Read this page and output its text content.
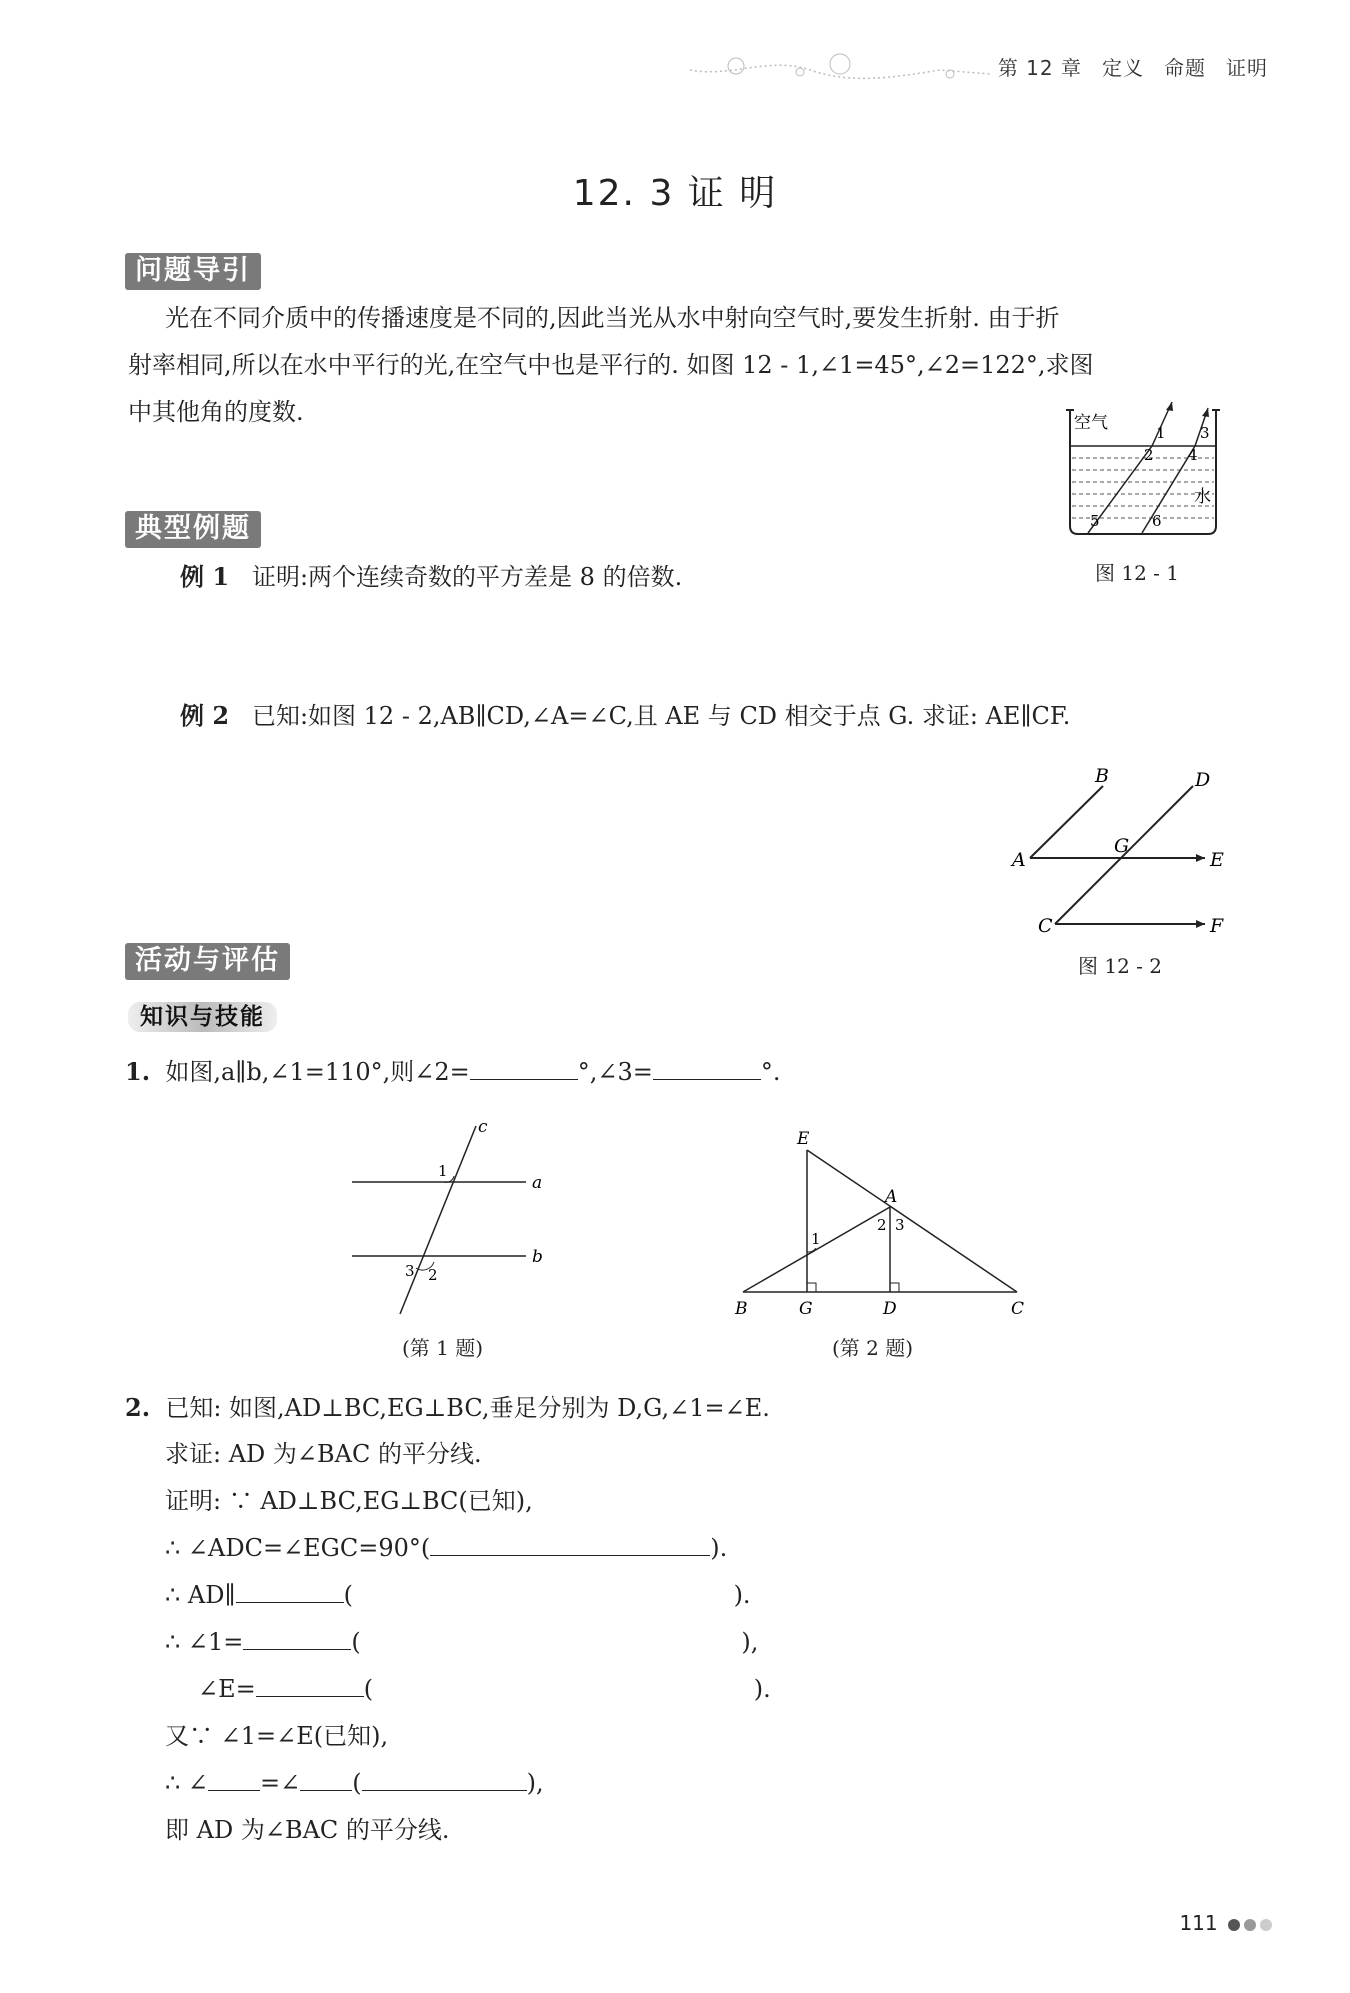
第 12 章 定义 命题 证明
12. 3 证 明
问题导引
光在不同介质中的传播速度是不同的,因此当光从水中射向空气时,要发生折射. 由于折
射率相同,所以在水中平行的光,在空气中也是平行的. 如图 12 - 1,∠1=45°,∠2=122°,求图
中其他角的度数.	空气
水
1
2
3
4
5	6
图 12 - 1
典型例题
例 1 证明:两个连续奇数的平方差是 8 的倍数.
例 2 已知:如图 12 - 2,AB∥CD,∠A=∠C,且 AE 与 CD 相交于点 G. 求证: AE∥CF.
B	D
A
G
E
C	F
图 12 - 2
活动与评估
知识与技能
1. 如图,a∥b,∠1=110°,则∠2=	°,∠3=	°.
c
a
b
1
2
3
(第 1 题)
E
A
B	G	D	C
1
2 3
(第 2 题)
2. 已知: 如图,AD⊥BC,EG⊥BC,垂足分别为 D,G,∠1=∠E.
求证: AD 为∠BAC 的平分线.
证明: ∵ AD⊥BC,EG⊥BC(已知),
∴ ∠ADC=∠EGC=90°(	).
∴ AD∥	(	).
∴ ∠1=	(	),
∠E=	(	).
又∵ ∠1=∠E(已知),
∴ ∠ =∠ (	),
即 AD 为∠BAC 的平分线.
111
